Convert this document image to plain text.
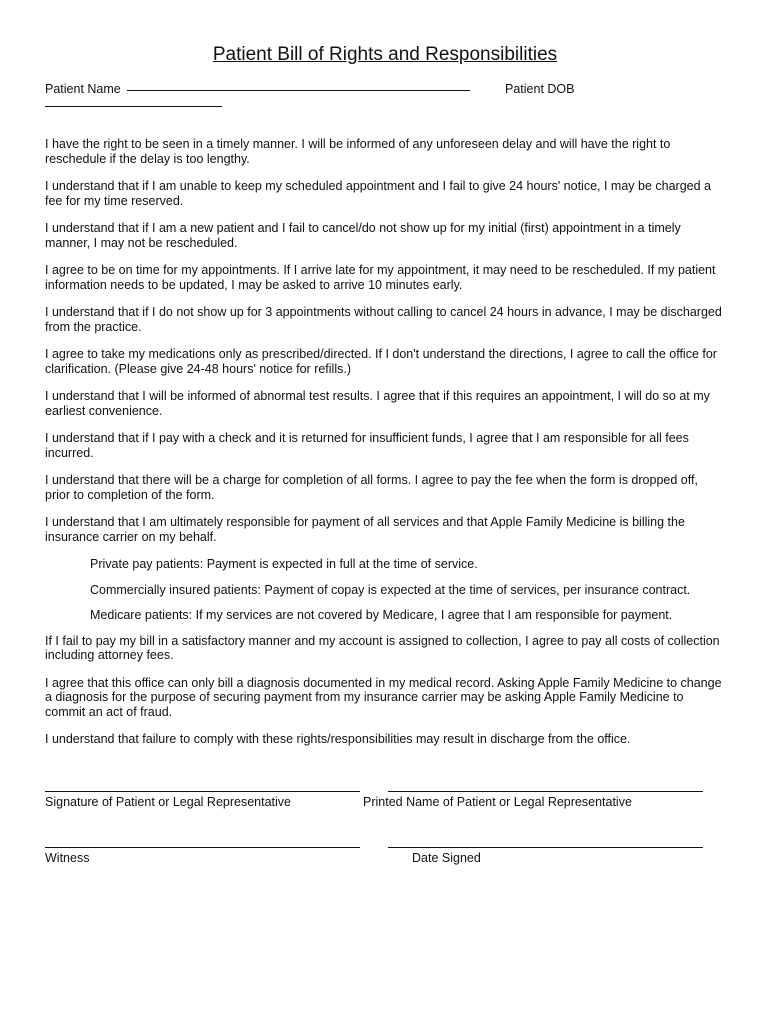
Patient Bill of Rights and Responsibilities
Patient Name	Patient DOB

I have the right to be seen in a timely manner. I will be informed of any unforeseen delay and will have the right to reschedule if the delay is too lengthy.

I understand that if I am unable to keep my scheduled appointment and I fail to give 24 hours' notice, I may be charged a fee for my time reserved.

I understand that if I am a new patient and I fail to cancel/do not show up for my initial (first) appointment in a timely manner, I may not be rescheduled.

I agree to be on time for my appointments. If I arrive late for my appointment, it may need to be rescheduled. If my patient information needs to be updated, I may be asked to arrive 10 minutes early.

I understand that if I do not show up for 3 appointments without calling to cancel 24 hours in advance, I may be discharged from the practice.

I agree to take my medications only as prescribed/directed. If I don't understand the directions, I agree to call the office for clarification. (Please give 24-48 hours' notice for refills.)

I understand that I will be informed of abnormal test results. I agree that if this requires an appointment, I will do so at my earliest convenience.

I understand that if I pay with a check and it is returned for insufficient funds, I agree that I am responsible for all fees incurred.

I understand that there will be a charge for completion of all forms. I agree to pay the fee when the form is dropped off, prior to completion of the form.

I understand that I am ultimately responsible for payment of all services and that Apple Family Medicine is billing the insurance carrier on my behalf.

Private pay patients: Payment is expected in full at the time of service.

Commercially insured patients: Payment of copay is expected at the time of services, per insurance contract.

Medicare patients: If my services are not covered by Medicare, I agree that I am responsible for payment.

If I fail to pay my bill in a satisfactory manner and my account is assigned to collection, I agree to pay all costs of collection including attorney fees.

I agree that this office can only bill a diagnosis documented in my medical record. Asking Apple Family Medicine to change a diagnosis for the purpose of securing payment from my insurance carrier may be asking Apple Family Medicine to commit an act of fraud.

I understand that failure to comply with these rights/responsibilities may result in discharge from the office.

Signature of Patient or Legal Representative	Printed Name of Patient or Legal Representative
Witness	Date Signed
